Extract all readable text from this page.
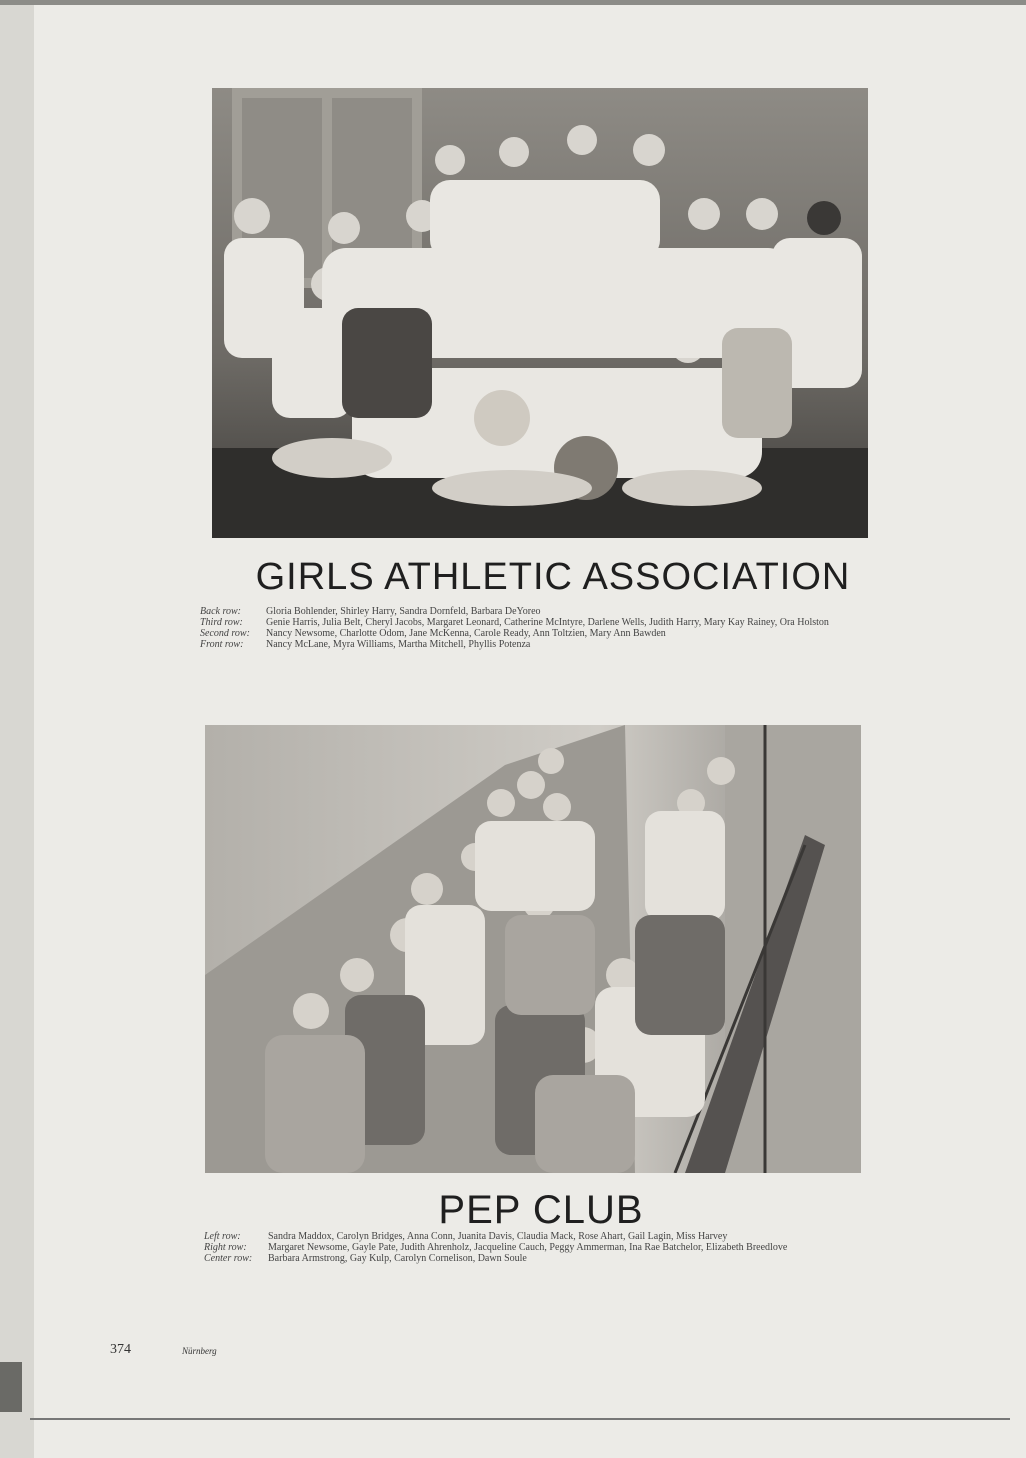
GIRLS ATHLETIC ASSOCIATION
Back row:	Gloria Bohlender, Shirley Harry, Sandra Dornfeld, Barbara DeYoreo
Third row:	Genie Harris, Julia Belt, Cheryl Jacobs, Margaret Leonard, Catherine McIntyre, Darlene Wells, Judith Harry, Mary Kay Rainey, Ora Holston
Second row:	Nancy Newsome, Charlotte Odom, Jane McKenna, Carole Ready, Ann Toltzien, Mary Ann Bawden
Front row:	Nancy McLane, Myra Williams, Martha Mitchell, Phyllis Potenza
PEP CLUB
Left row:	Sandra Maddox, Carolyn Bridges, Anna Conn, Juanita Davis, Claudia Mack, Rose Ahart, Gail Lagin, Miss Harvey
Right row:	Margaret Newsome, Gayle Pate, Judith Ahrenholz, Jacqueline Cauch, Peggy Ammerman, Ina Rae Batchelor, Elizabeth Breedlove
Center row:	Barbara Armstrong, Gay Kulp, Carolyn Cornelison, Dawn Soule
374	Nürnberg
